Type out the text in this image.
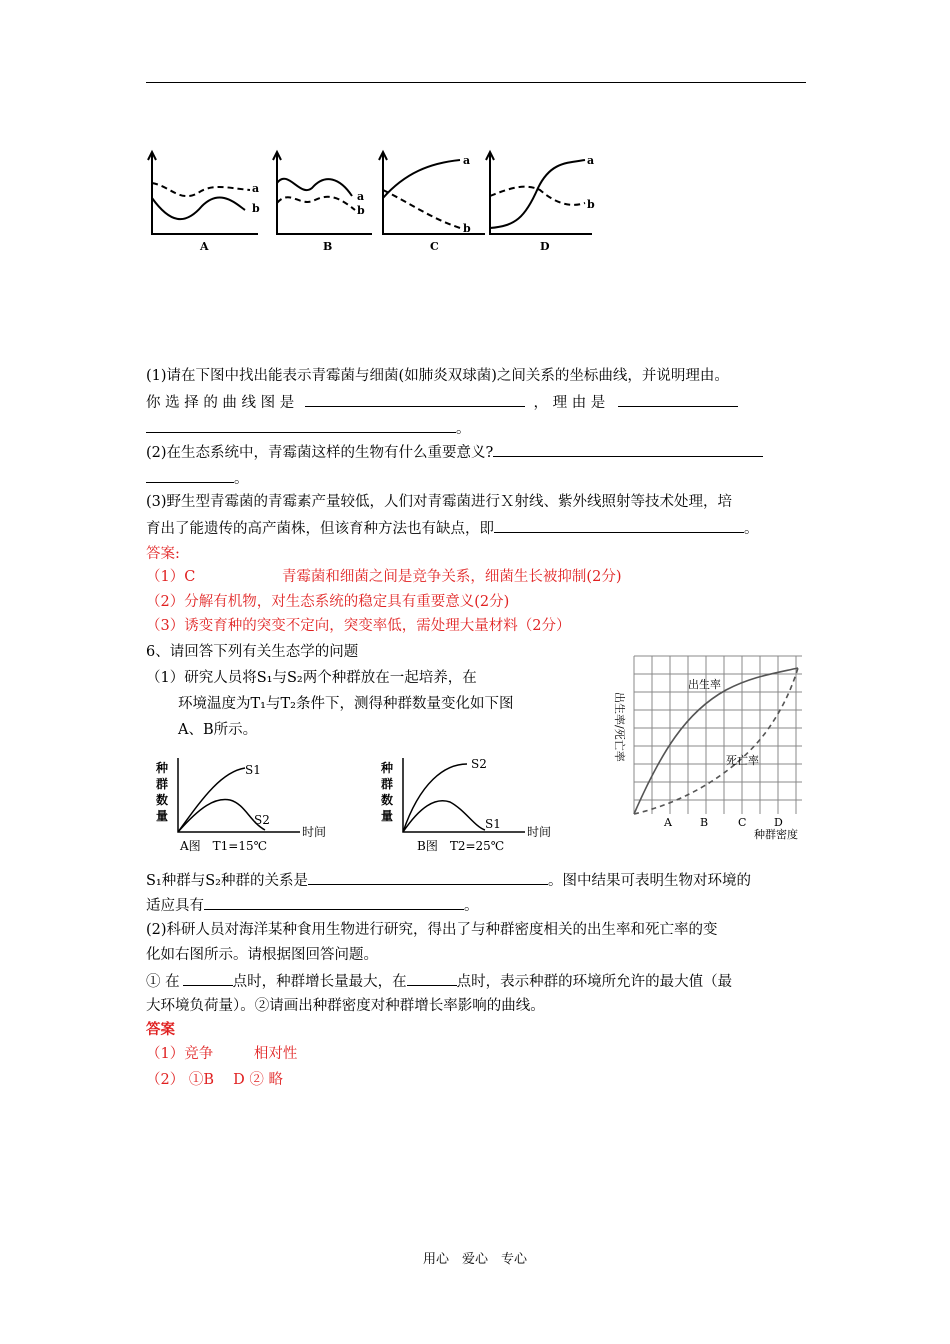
A	B	C	D
a
b
a
b
a
b
a
b
(1)请在下图中找出能表示青霉菌与细菌(如肺炎双球菌)之间关系的坐标曲线，并说明理由。
你 选 择 的 曲 线 图 是	， 理 由 是
。
(2)在生态系统中，青霉菌这样的生物有什么重要意义?
。
(3)野生型青霉菌的青霉素产量较低，人们对青霉菌进行Ｘ射线、紫外线照射等技术处理，培
育出了能遗传的高产菌株，但该育种方法也有缺点，即	。
答案:
（1）C	青霉菌和细菌之间是竞争关系，细菌生长被抑制(2分)
（2）分解有机物，对生态系统的稳定具有重要意义(2分)
（3）诱变育种的突变不定向，突变率低，需处理大量材料（2分）
6、请回答下列有关生态学的问题
（1）研究人员将S₁与S₂两个种群放在一起培养，在
环境温度为T₁与T₂条件下，测得种群数量变化如下图
A、B所示。
种
群
数
量
S1
S2
时间
A图　T1=15℃
种
群
数
量
S2
S1
时间
B图　T2=25℃
出生率/死亡率
出生率
死亡率
A	B	C	D
种群密度
S₁种群与S₂种群的关系是	。图中结果可表明生物对环境的
适应具有	。
(2)科研人员对海洋某种食用生物进行研究，得出了与种群密度相关的出生率和死亡率的变
化如右图所示。请根据图回答问题。
① 在	点时，种群增长量最大，在	点时，表示种群的环境所允许的最大值（最
大环境负荷量）。②请画出种群密度对种群增长率影响的曲线。
答案
（1）竞争	相对性
（2） ①B　 D ② 略
用心　爱心　专心
